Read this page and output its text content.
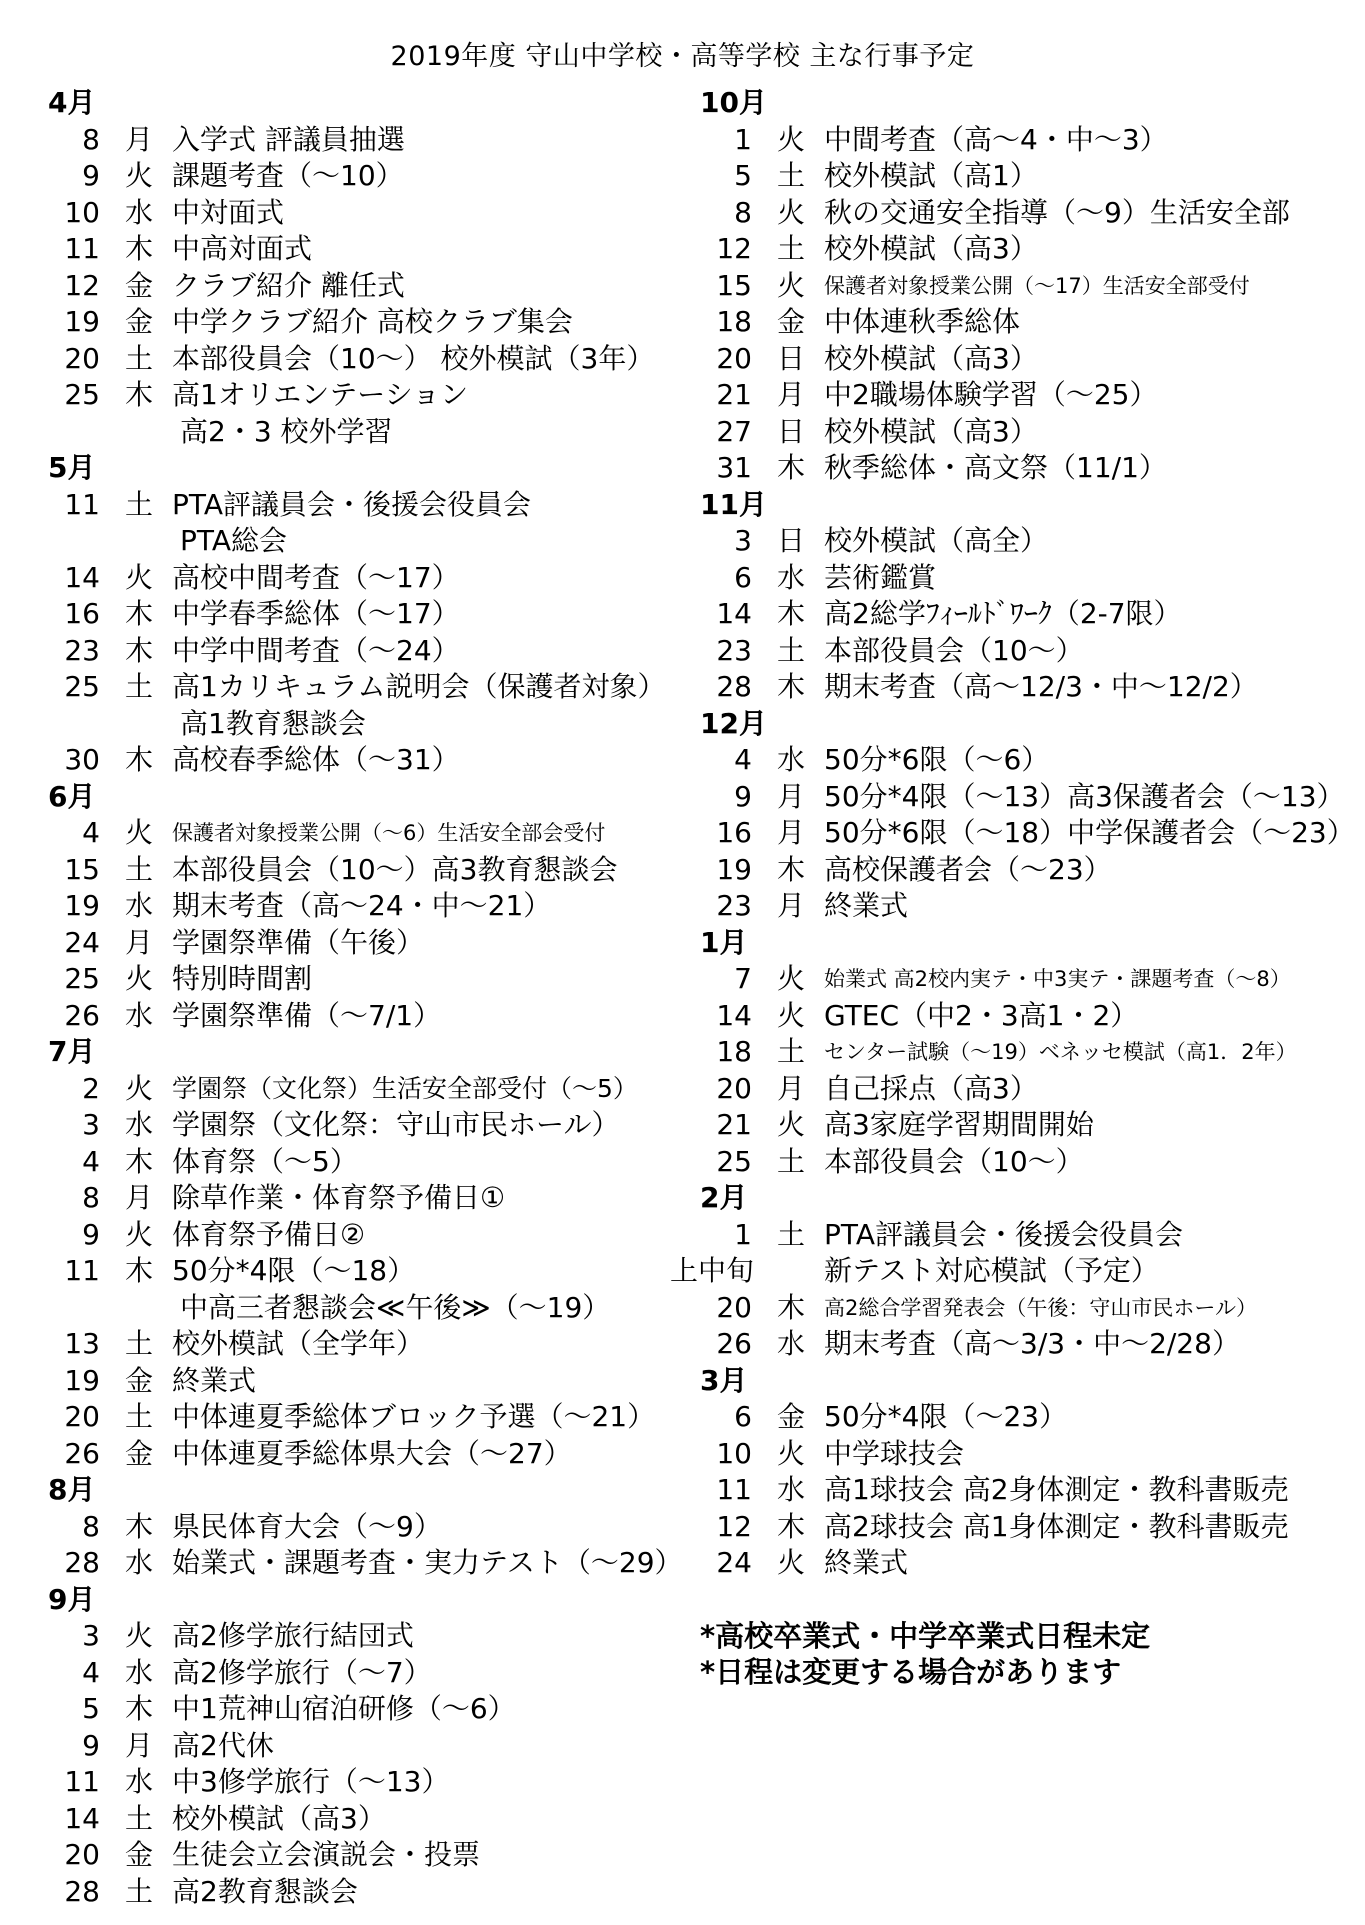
2019年度 守山中学校・高等学校 主な行事予定
4月
8 月 入学式 評議員抽選
9 火 課題考査（～10）
10 水 中対面式
11 木 中高対面式
12 金 クラブ紹介 離任式
19 金 中学クラブ紹介 高校クラブ集会
20 土 本部役員会（10～） 校外模試（3年）
25 木 高1オリエンテーション
高2・3 校外学習
5月
11 土 PTA評議員会・後援会役員会
PTA総会
14 火 高校中間考査（～17）
16 木 中学春季総体（～17）
23 木 中学中間考査（～24）
25 土 高1カリキュラム説明会（保護者対象）
高1教育懇談会
30 木 高校春季総体（～31）
6月
4 火 保護者対象授業公開（～6）生活安全部会受付
15 土 本部役員会（10～）高3教育懇談会
19 水 期末考査（高～24・中～21）
24 月 学園祭準備（午後）
25 火 特別時間割
26 水 学園祭準備（～7/1）
7月
2 火 学園祭（文化祭）生活安全部受付（～5）
3 水 学園祭（文化祭：守山市民ホール）
4 木 体育祭（～5）
8 月 除草作業・体育祭予備日①
9 火 体育祭予備日②
11 木 50分*4限（～18）
中高三者懇談会≪午後≫（～19）
13 土 校外模試（全学年）
19 金 終業式
20 土 中体連夏季総体ブロック予選（～21）
26 金 中体連夏季総体県大会（～27）
8月
8 木 県民体育大会（～9）
28 水 始業式・課題考査・実力テスト（～29）
9月
3 火 高2修学旅行結団式
4 水 高2修学旅行（～7）
5 木 中1荒神山宿泊研修（～6）
9 月 高2代休
11 水 中3修学旅行（～13）
14 土 校外模試（高3）
20 金 生徒会立会演説会・投票
28 土 高2教育懇談会
10月
1 火 中間考査（高～4・中～3）
5 土 校外模試（高1）
8 火 秋の交通安全指導（～9）生活安全部
12 土 校外模試（高3）
15 火 保護者対象授業公開（～17）生活安全部受付
18 金 中体連秋季総体
20 日 校外模試（高3）
21 月 中2職場体験学習（～25）
27 日 校外模試（高3）
31 木 秋季総体・高文祭（11/1）
11月
3 日 校外模試（高全）
6 水 芸術鑑賞
14 木 高2総学ﾌｨｰﾙﾄﾞﾜｰｸ（2-7限）
23 土 本部役員会（10～）
28 木 期末考査（高～12/3・中～12/2）
12月
4 水 50分*6限（～6）
9 月 50分*4限（～13）高3保護者会（～13）
16 月 50分*6限（～18）中学保護者会（～23）
19 木 高校保護者会（～23）
23 月 終業式
1月
7 火 始業式 高2校内実テ・中3実テ・課題考査（～8）
14 火 GTEC（中2・3高1・2）
18 土 センター試験（～19）ベネッセ模試（高1．2年）
20 月 自己採点（高3）
21 火 高3家庭学習期間開始
25 土 本部役員会（10～）
2月
1 土 PTA評議員会・後援会役員会
上中旬	新テスト対応模試（予定）
20 木 高2総合学習発表会（午後：守山市民ホール）
26 水 期末考査（高～3/3・中～2/28）
3月
6 金 50分*4限（～23）
10 火 中学球技会
11 水 高1球技会 高2身体測定・教科書販売
12 木 高2球技会 高1身体測定・教科書販売
24 火 終業式
*高校卒業式・中学卒業式日程未定
*日程は変更する場合があります
